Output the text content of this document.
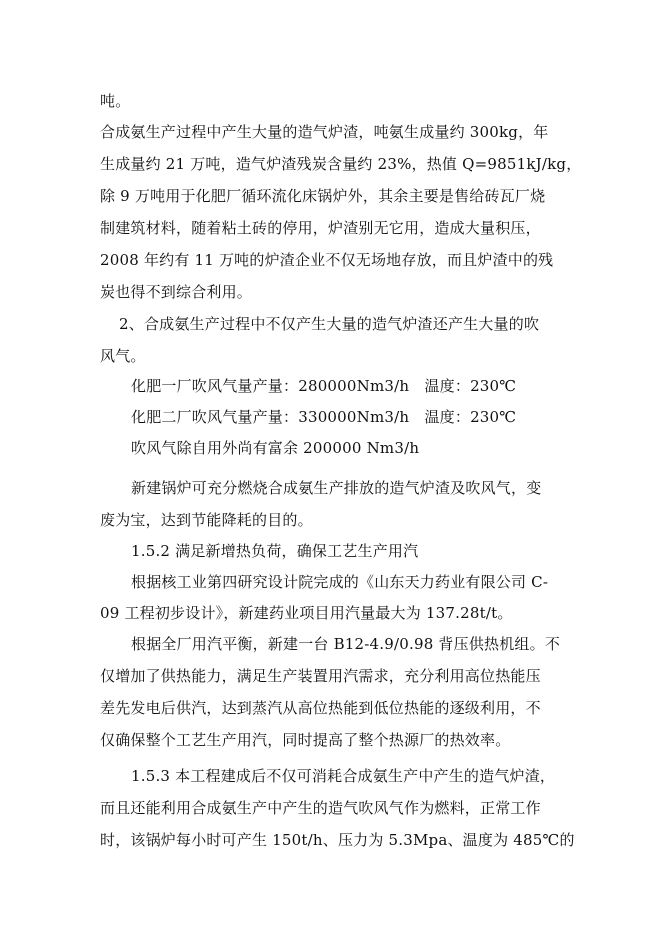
吨。
合成氨生产过程中产生大量的造气炉渣，吨氨生成量约 300kg，年
生成量约 21 万吨，造气炉渣残炭含量约 23%，热值 Q=9851kJ/kg，
除 9 万吨用于化肥厂循环流化床锅炉外，其余主要是售给砖瓦厂烧
制建筑材料，随着粘土砖的停用，炉渣别无它用，造成大量积压，
2008 年约有 11 万吨的炉渣企业不仅无场地存放，而且炉渣中的残
炭也得不到综合利用。
2、合成氨生产过程中不仅产生大量的造气炉渣还产生大量的吹
风气。
化肥一厂吹风气量产量：280000Nm3/h　温度：230℃
化肥二厂吹风气量产量：330000Nm3/h　温度：230℃
吹风气除自用外尚有富余 200000 Nm3/h
新建锅炉可充分燃烧合成氨生产排放的造气炉渣及吹风气，变
废为宝，达到节能降耗的目的。
1.5.2 满足新增热负荷，确保工艺生产用汽
根据核工业第四研究设计院完成的《山东天力药业有限公司 C-
09 工程初步设计》，新建药业项目用汽量最大为 137.28t/t。
根据全厂用汽平衡，新建一台 B12-4.9/0.98 背压供热机组。不
仅增加了供热能力，满足生产装置用汽需求，充分利用高位热能压
差先发电后供汽，达到蒸汽从高位热能到低位热能的逐级利用，不
仅确保整个工艺生产用汽，同时提高了整个热源厂的热效率。
1.5.3 本工程建成后不仅可消耗合成氨生产中产生的造气炉渣，
而且还能利用合成氨生产中产生的造气吹风气作为燃料，正常工作
时，该锅炉每小时可产生 150t/h、压力为 5.3Mpa、温度为 485℃的
